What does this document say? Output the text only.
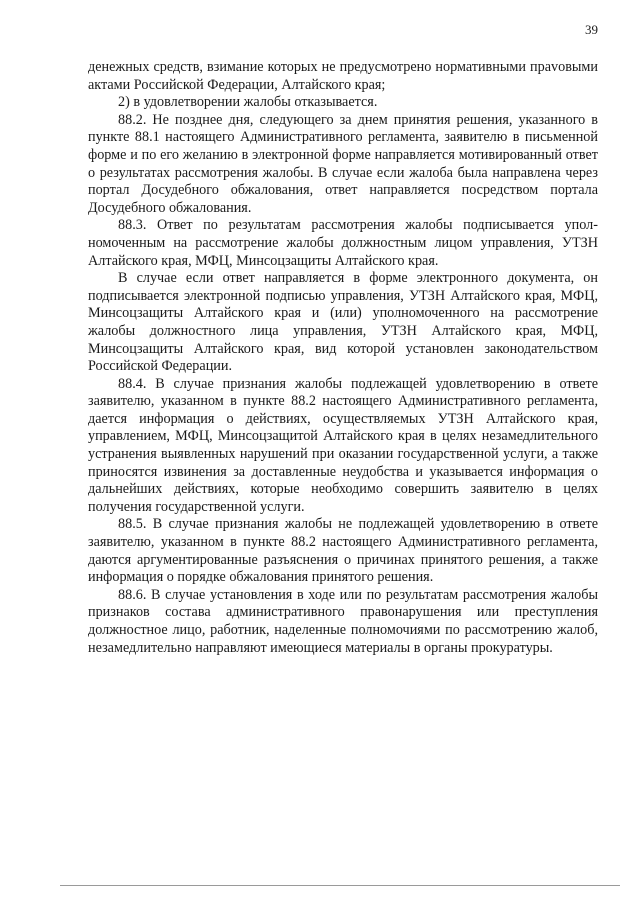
39

денежных средств, взимание которых не предусмотрено нормативными праvовыми актами Российской Федерации, Алтайского края;

2) в удовлетворении жалобы отказывается.

88.2. Не позднее дня, следующего за днем принятия решения, указанного в пункте 88.1 настоящего Административного регламента, заявителю в письменной форме и по его желанию в электронной форме направляется мотивированный ответ о результатах рассмотрения жалобы. В случае если жалоба была направлена через портал Досудебного обжалования, ответ направляется посредством портала Досудебного обжалования.

88.3. Ответ по результатам рассмотрения жалобы подписывается уполномоченным на рассмотрение жалобы должностным лицом управления, УТЗН Алтайского края, МФЦ, Минсоцзащиты Алтайского края.

В случае если ответ направляется в форме электронного документа, он подписывается электронной подписью управления, УТЗН Алтайского края, МФЦ, Минсоцзащиты Алтайского края и (или) уполномоченного на рассмотрение жалобы должностного лица управления, УТЗН Алтайского края, МФЦ, Минсоцзащиты Алтайского края, вид которой установлен законодательством Российской Федерации.

88.4. В случае признания жалобы подлежащей удовлетворению в ответе заявителю, указанном в пункте 88.2 настоящего Административного регламента, дается информация о действиях, осуществляемых УТЗН Алтайского края, управлением, МФЦ, Минсоцзащитой Алтайского края в целях незамедлительного устранения выявленных нарушений при оказании государственной услуги, а также приносятся извинения за доставленные неудобства и указывается информация о дальнейших действиях, которые необходимо совершить заявителю в целях получения государственной услуги.

88.5. В случае признания жалобы не подлежащей удовлетворению в ответе заявителю, указанном в пункте 88.2 настоящего Административного регламента, даются аргументированные разъяснения о причинах принятого решения, а также информация о порядке обжалования принятого решения.

88.6. В случае установления в ходе или по результатам рассмотрения жалобы признаков состава административного правонарушения или преступления должностное лицо, работник, наделенные полномочиями по рассмотрению жалоб, незамедлительно направляют имеющиеся материалы в органы прокуратуры.
